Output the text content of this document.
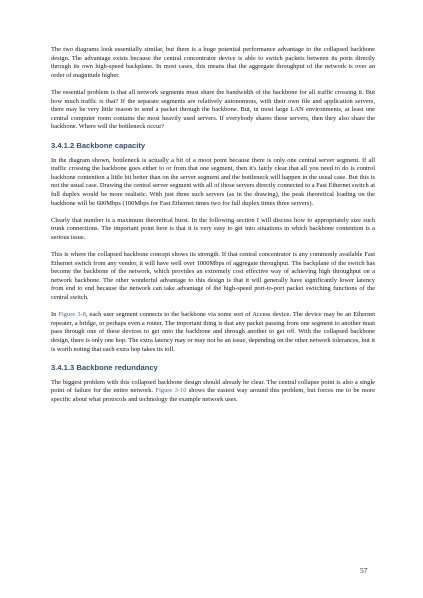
The two diagrams look essentially similar, but there is a huge potential performance advantage to the collapsed backbone design. The advantage exists because the central concentrator device is able to switch packets between its ports directly through its own high-speed backplane. In most cases, this means that the aggregate throughput of the network is over an order of magnitude higher.

The essential problem is that all network segments must share the bandwidth of the backbone for all traffic crossing it. But how much traffic is that? If the separate segments are relatively autonomous, with their own file and application servers, there may be very little reason to send a packet through the backbone. But, in most large LAN environments, at least one central computer room contains the most heavily used servers. If everybody shares these servers, then they also share the backbone. Where will the bottleneck occur?

3.4.1.2 Backbone capacity

In the diagram shown, bottleneck is actually a bit of a moot point because there is only one central server segment. If all traffic crossing the backbone goes either to or from that one segment, then it's fairly clear that all you need to do is control backbone contention a little bit better than on the server segment and the bottleneck will happen in the usual case. But this is not the usual case. Drawing the central server segment with all of those servers directly connected to a Fast Ethernet switch at full duplex would be more realistic. With just three such servers (as in the drawing), the peak theoretical loading on the backbone will be 600Mbps (100Mbps for Fast Ethernet times two for full duplex times three servers).

Clearly that number is a maximum theoretical burst. In the following section I will discuss how to appropriately size such trunk connections. The important point here is that it is very easy to get into situations in which backbone contention is a serious issue.

This is where the collapsed backbone concept shows its strength. If that central concentrator is any commonly available Fast Ethernet switch from any vendor, it will have well over 1000Mbps of aggregate throughput. The backplane of the switch has become the backbone of the network, which provides an extremely cost effective way of achieving high throughput on a network backbone. The other wonderful advantage to this design is that it will generally have significantly lower latency from end to end because the network can take advantage of the high-speed port-to-port packet switching functions of the central switch.

In Figure 3-8, each user segment connects to the backbone via some sort of Access device. The device may be an Ethernet repeater, a bridge, or perhaps even a router. The important thing is that any packet passing from one segment to another must pass through one of these devices to get onto the backbone and through another to get off. With the collapsed backbone design, there is only one hop. The extra latency may or may not be an issue, depending on the other network tolerances, but it is worth noting that each extra hop takes its toll.

3.4.1.3 Backbone redundancy

The biggest problem with this collapsed backbone design should already be clear. The central collapse point is also a single point of failure for the entire network. Figure 3-10 shows the easiest way around this problem, but forces me to be more specific about what protocols and technology the example network uses.

57
